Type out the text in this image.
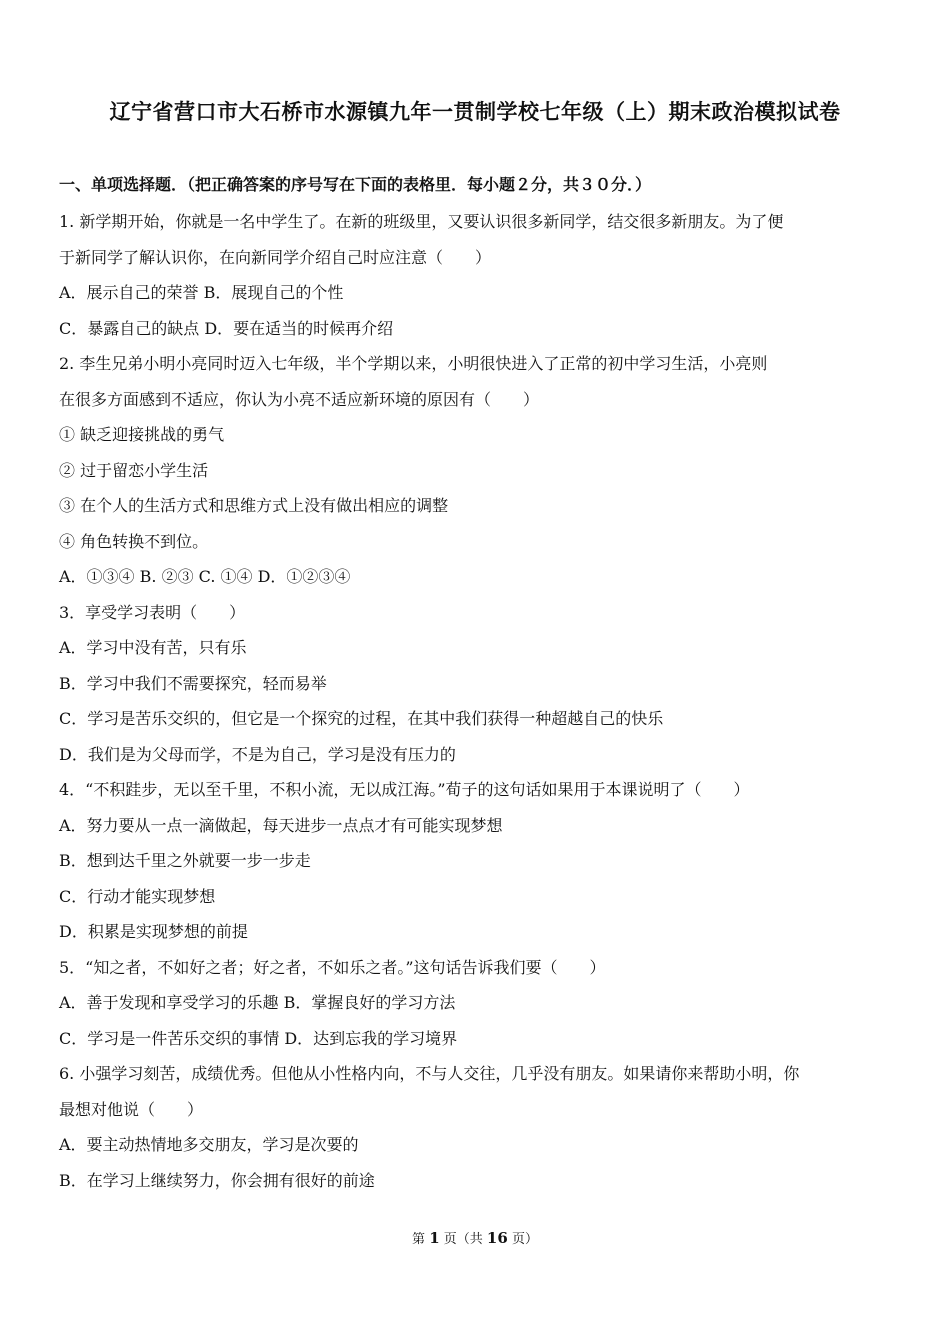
辽宁省营口市大石桥市水源镇九年一贯制学校七年级（上）期末政治模拟试卷
一、单项选择题．（把正确答案的序号写在下面的表格里．每小题２分，共３０分．）
1. 新学期开始，你就是一名中学生了。在新的班级里，又要认识很多新同学，结交很多新朋友。为了便
于新同学了解认识你，在向新同学介绍自己时应注意（　　）
A．展示自己的荣誉 B．展现自己的个性
C．暴露自己的缺点 D．要在适当的时候再介绍
2. 李生兄弟小明小亮同时迈入七年级，半个学期以来，小明很快进入了正常的初中学习生活，小亮则
在很多方面感到不适应，你认为小亮不适应新环境的原因有（　　）
① 缺乏迎接挑战的勇气
② 过于留恋小学生活
③ 在个人的生活方式和思维方式上没有做出相应的调整
④ 角色转换不到位。
A．①③④ B. ②③ C. ①④ D．①②③④
3．享受学习表明（　　）
A．学习中没有苦，只有乐
B．学习中我们不需要探究，轻而易举
C．学习是苦乐交织的，但它是一个探究的过程，在其中我们获得一种超越自己的快乐
D．我们是为父母而学，不是为自己，学习是没有压力的
4．“不积跬步，无以至千里，不积小流，无以成江海。”荀子的这句话如果用于本课说明了（　　）
A．努力要从一点一滴做起，每天进步一点点才有可能实现梦想
B．想到达千里之外就要一步一步走
C．行动才能实现梦想
D．积累是实现梦想的前提
5．“知之者，不如好之者；好之者，不如乐之者。”这句话告诉我们要（　　）
A．善于发现和享受学习的乐趣 B．掌握良好的学习方法
C．学习是一件苦乐交织的事情 D．达到忘我的学习境界
6. 小强学习刻苦，成绩优秀。但他从小性格内向，不与人交往，几乎没有朋友。如果请你来帮助小明，你
最想对他说（　　）
A．要主动热情地多交朋友，学习是次要的
B．在学习上继续努力，你会拥有很好的前途
第 1 页（共 16 页）
